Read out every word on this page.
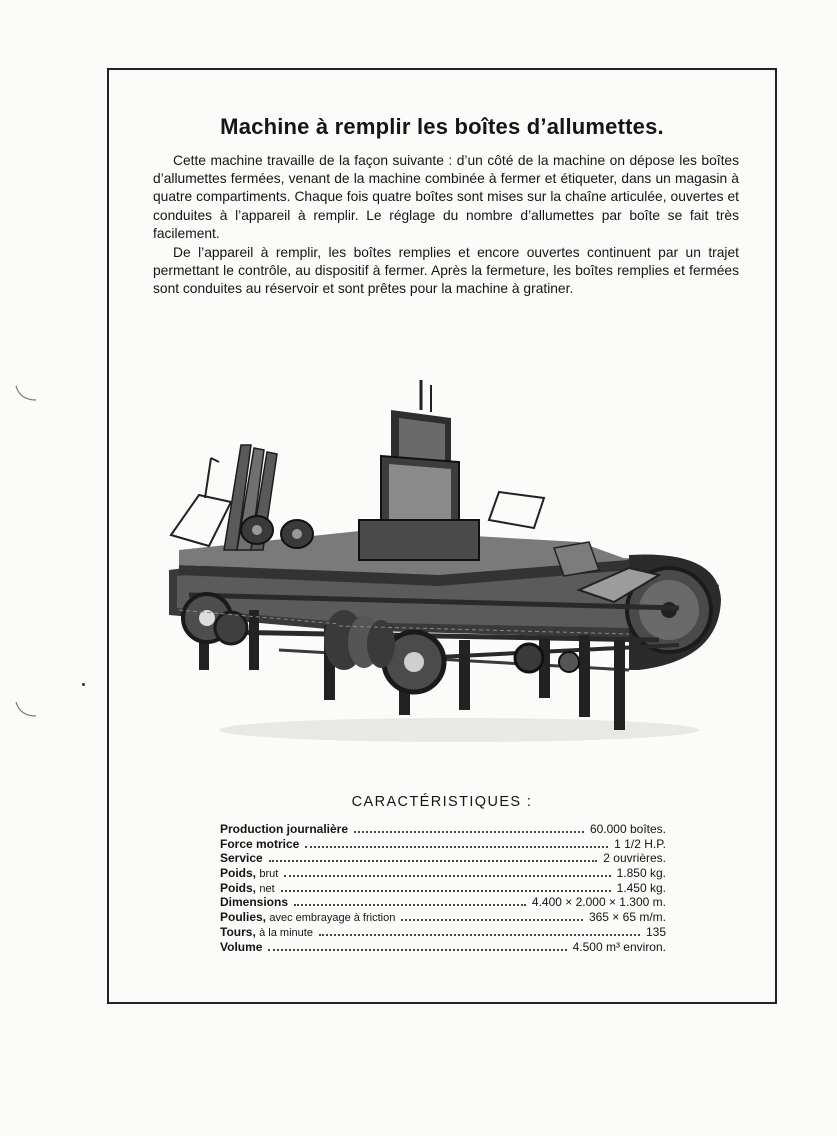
Machine à remplir les boîtes d’allumettes.

Cette machine travaille de la façon suivante : d’un côté de la machine on dépose les boîtes d’allumettes fermées, venant de la machine combinée à fermer et étiqueter, dans un magasin à quatre compartiments. Chaque fois quatre boîtes sont mises sur la chaîne articulée, ouvertes et conduites à l’appareil à remplir. Le réglage du nombre d’allumettes par boîte se fait très facilement.

De l’appareil à remplir, les boîtes remplies et encore ouvertes continuent par un trajet permettant le contrôle, au dispositif à fermer. Après la fermeture, les boîtes remplies et fermées sont conduites au réservoir et sont prêtes pour la machine à gratiner.

CARACTÉRISTIQUES :
Production journalière	60.000 boîtes.
Force motrice	1 1/2 H.P.
Service	2 ouvrières.
Poids, brut	1.850 kg.
Poids, net	1.450 kg.
Dimensions	4.400 × 2.000 × 1.300 m.
Poulies, avec embrayage à friction	365 × 65 m/m.
Tours, à la minute	135
Volume	4.500 m³ environ.
